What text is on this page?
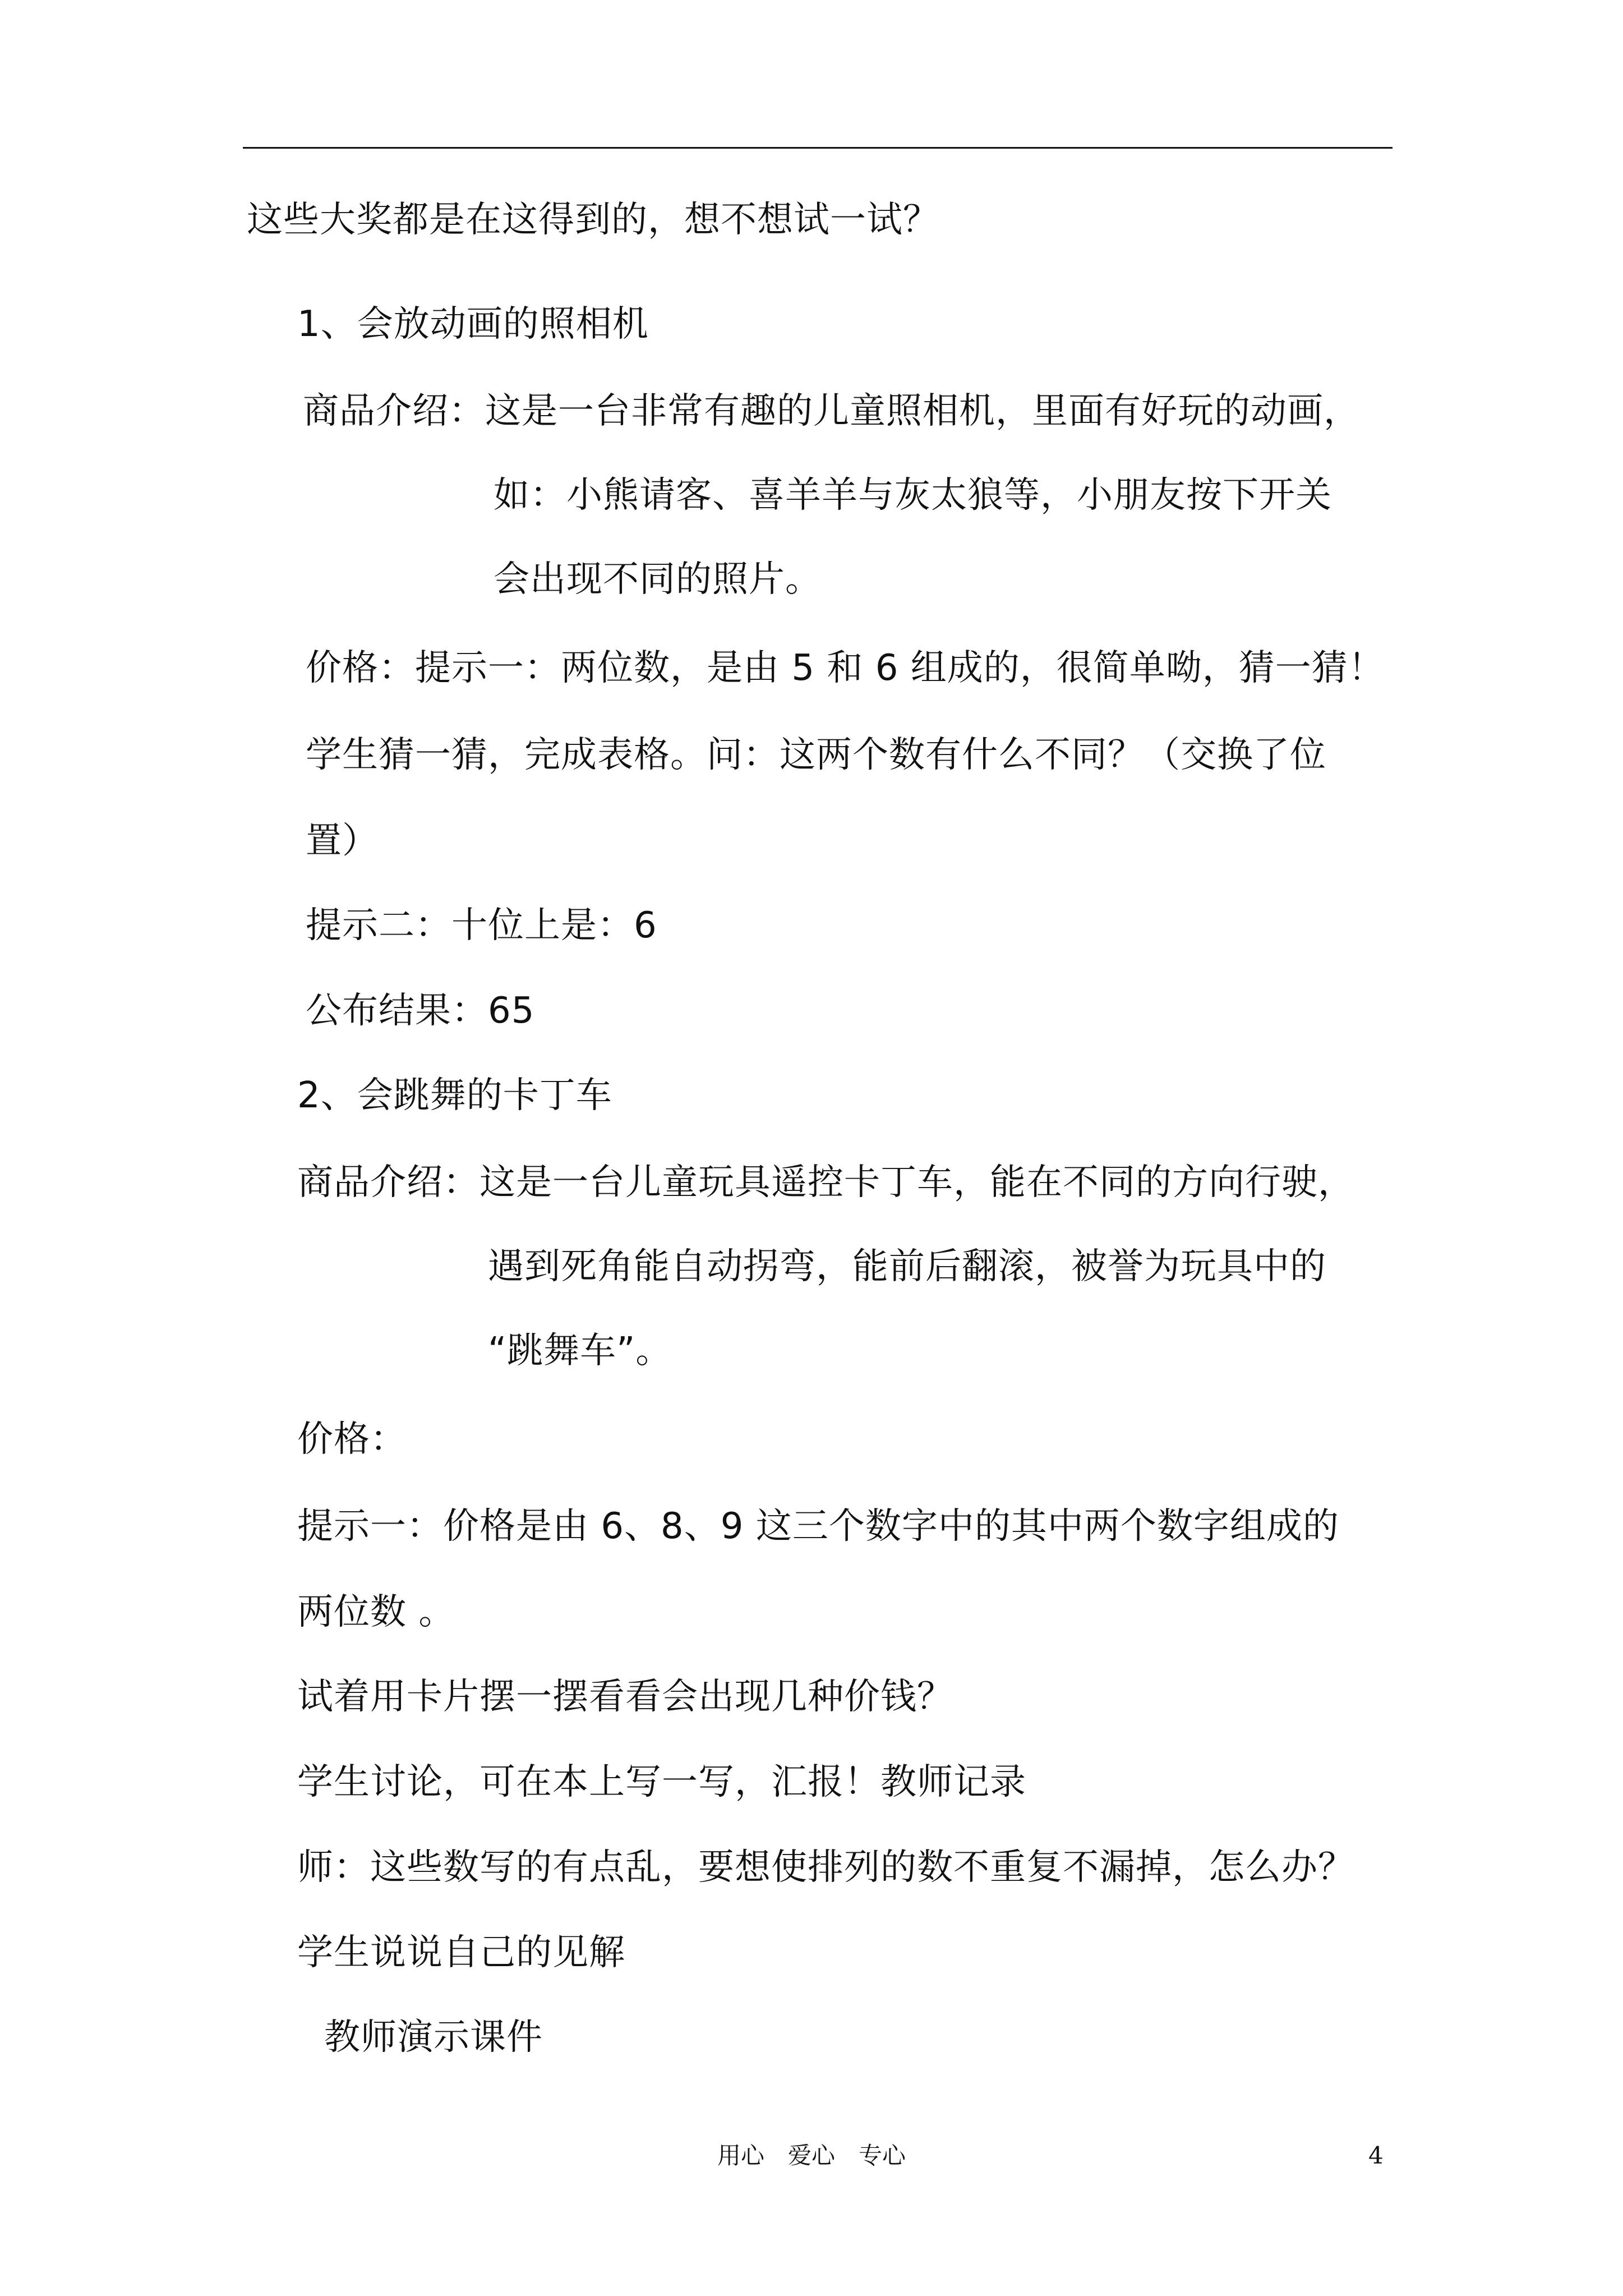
这些大奖都是在这得到的，想不想试一试？
1、会放动画的照相机
商品介绍：这是一台非常有趣的儿童照相机，里面有好玩的动画，
如：小熊请客、喜羊羊与灰太狼等，小朋友按下开关
会出现不同的照片。
价格：提示一：两位数，是由 5 和 6 组成的，很简单呦，猜一猜！
学生猜一猜，完成表格。问：这两个数有什么不同？（交换了位
置）
提示二：十位上是：6
公布结果：65
2、会跳舞的卡丁车
商品介绍：这是一台儿童玩具遥控卡丁车，能在不同的方向行驶，
遇到死角能自动拐弯，能前后翻滚，被誉为玩具中的
“跳舞车”。
价格：
提示一：价格是由 6、8、9 这三个数字中的其中两个数字组成的
两位数 。
试着用卡片摆一摆看看会出现几种价钱？
学生讨论，可在本上写一写，汇报！教师记录
师：这些数写的有点乱，要想使排列的数不重复不漏掉，怎么办？
学生说说自己的见解
教师演示课件
用心　爱心　专心	4
